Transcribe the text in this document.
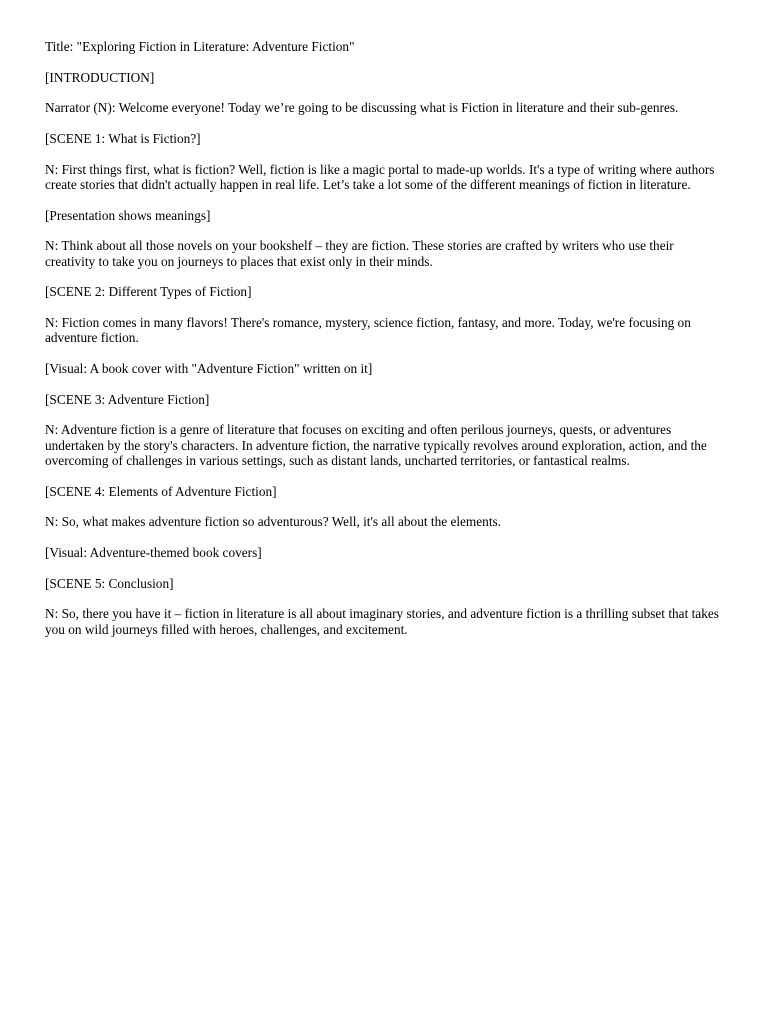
Title: "Exploring Fiction in Literature: Adventure Fiction"

[INTRODUCTION]

Narrator (N): Welcome everyone! Today we’re going to be discussing what is Fiction in literature and their sub-genres.

[SCENE 1: What is Fiction?]

N: First things first, what is fiction? Well, fiction is like a magic portal to made-up worlds. It's a type of writing where authors create stories that didn't actually happen in real life. Let’s take a lot some of the different meanings of fiction in literature.

[Presentation shows meanings]

N: Think about all those novels on your bookshelf – they are fiction. These stories are crafted by writers who use their creativity to take you on journeys to places that exist only in their minds.

[SCENE 2: Different Types of Fiction]

N: Fiction comes in many flavors! There's romance, mystery, science fiction, fantasy, and more. Today, we're focusing on adventure fiction.

[Visual: A book cover with "Adventure Fiction" written on it]

[SCENE 3: Adventure Fiction]

N: Adventure fiction is a genre of literature that focuses on exciting and often perilous journeys, quests, or adventures undertaken by the story's characters. In adventure fiction, the narrative typically revolves around exploration, action, and the overcoming of challenges in various settings, such as distant lands, uncharted territories, or fantastical realms.

[SCENE 4: Elements of Adventure Fiction]

N: So, what makes adventure fiction so adventurous? Well, it's all about the elements.

[Visual: Adventure-themed book covers]

[SCENE 5: Conclusion]

N: So, there you have it – fiction in literature is all about imaginary stories, and adventure fiction is a thrilling subset that takes you on wild journeys filled with heroes, challenges, and excitement.
